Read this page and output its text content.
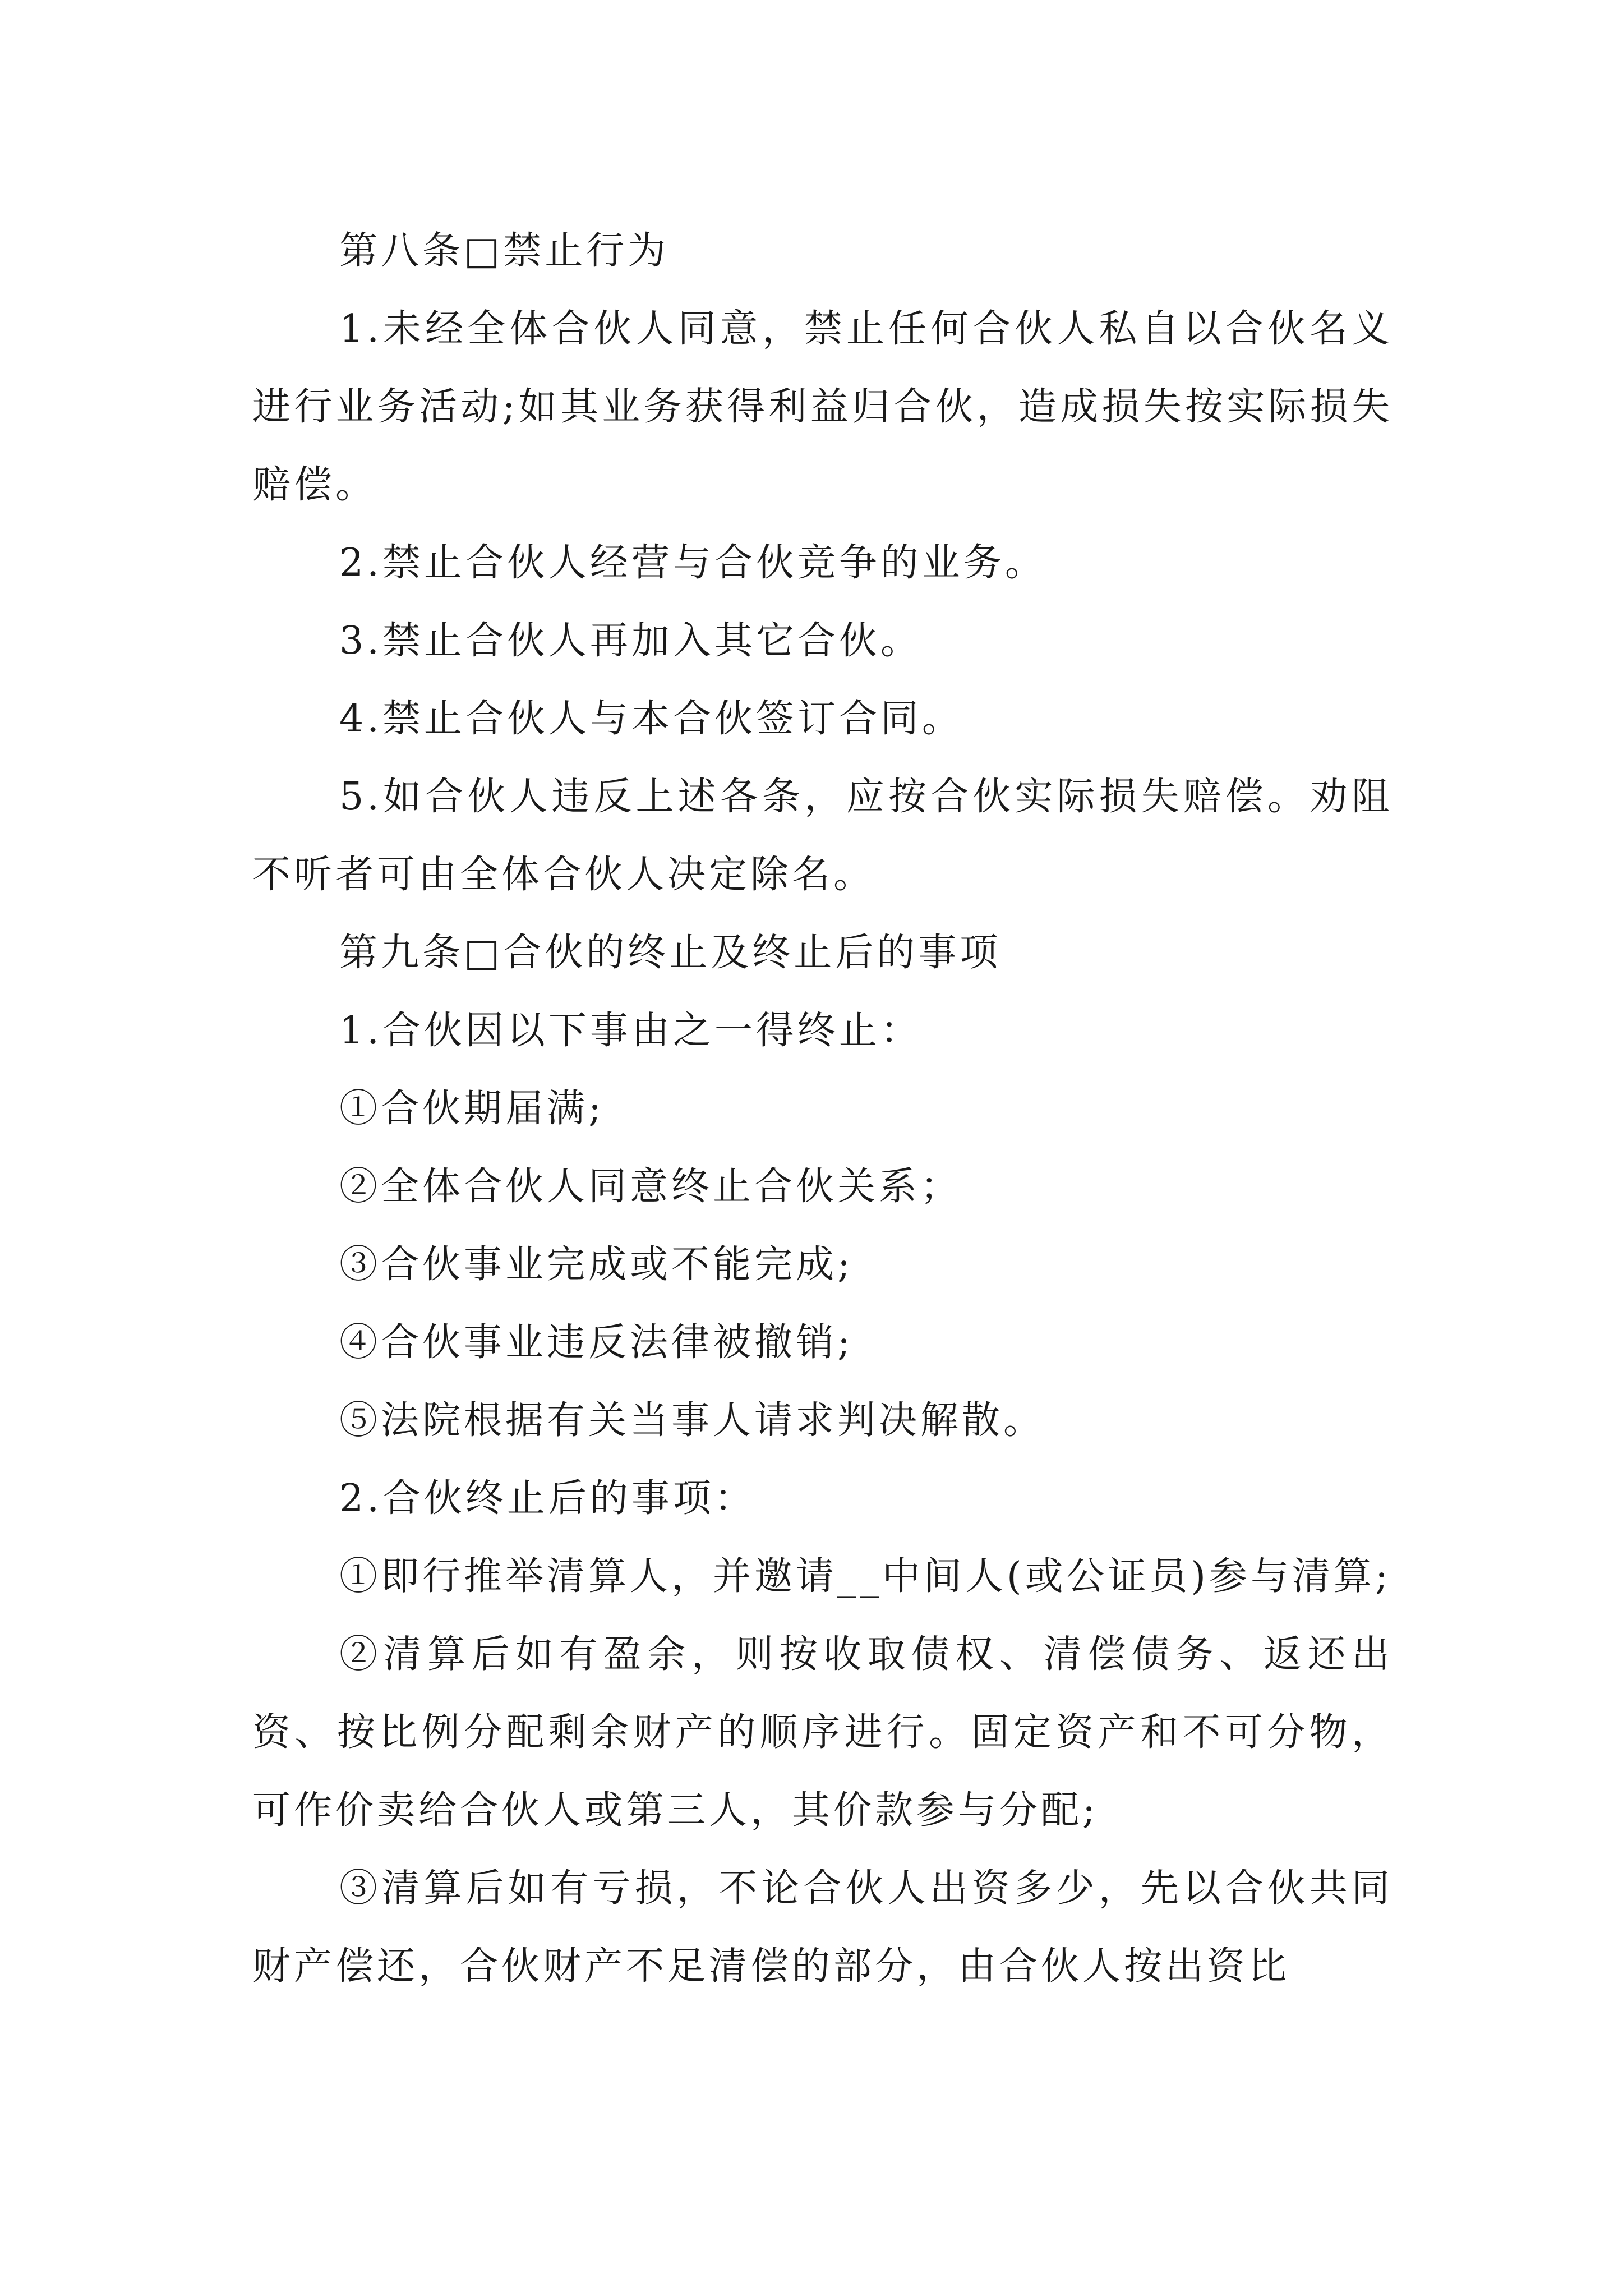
第八条□禁止行为

1.未经全体合伙人同意，禁止任何合伙人私自以合伙名义进行业务活动;如其业务获得利益归合伙，造成损失按实际损失赔偿。

2.禁止合伙人经营与合伙竞争的业务。

3.禁止合伙人再加入其它合伙。

4.禁止合伙人与本合伙签订合同。

5.如合伙人违反上述各条，应按合伙实际损失赔偿。劝阻不听者可由全体合伙人决定除名。

第九条□合伙的终止及终止后的事项

1.合伙因以下事由之一得终止：

①合伙期届满;

②全体合伙人同意终止合伙关系；

③合伙事业完成或不能完成;

④合伙事业违反法律被撤销;

⑤法院根据有关当事人请求判决解散。

2.合伙终止后的事项：

①即行推举清算人，并邀请__中间人(或公证员)参与清算;

②清算后如有盈余，则按收取债权、清偿债务、返还出资、按比例分配剩余财产的顺序进行。固定资产和不可分物，可作价卖给合伙人或第三人，其价款参与分配;

③清算后如有亏损，不论合伙人出资多少，先以合伙共同财产偿还，合伙财产不足清偿的部分，由合伙人按出资比
